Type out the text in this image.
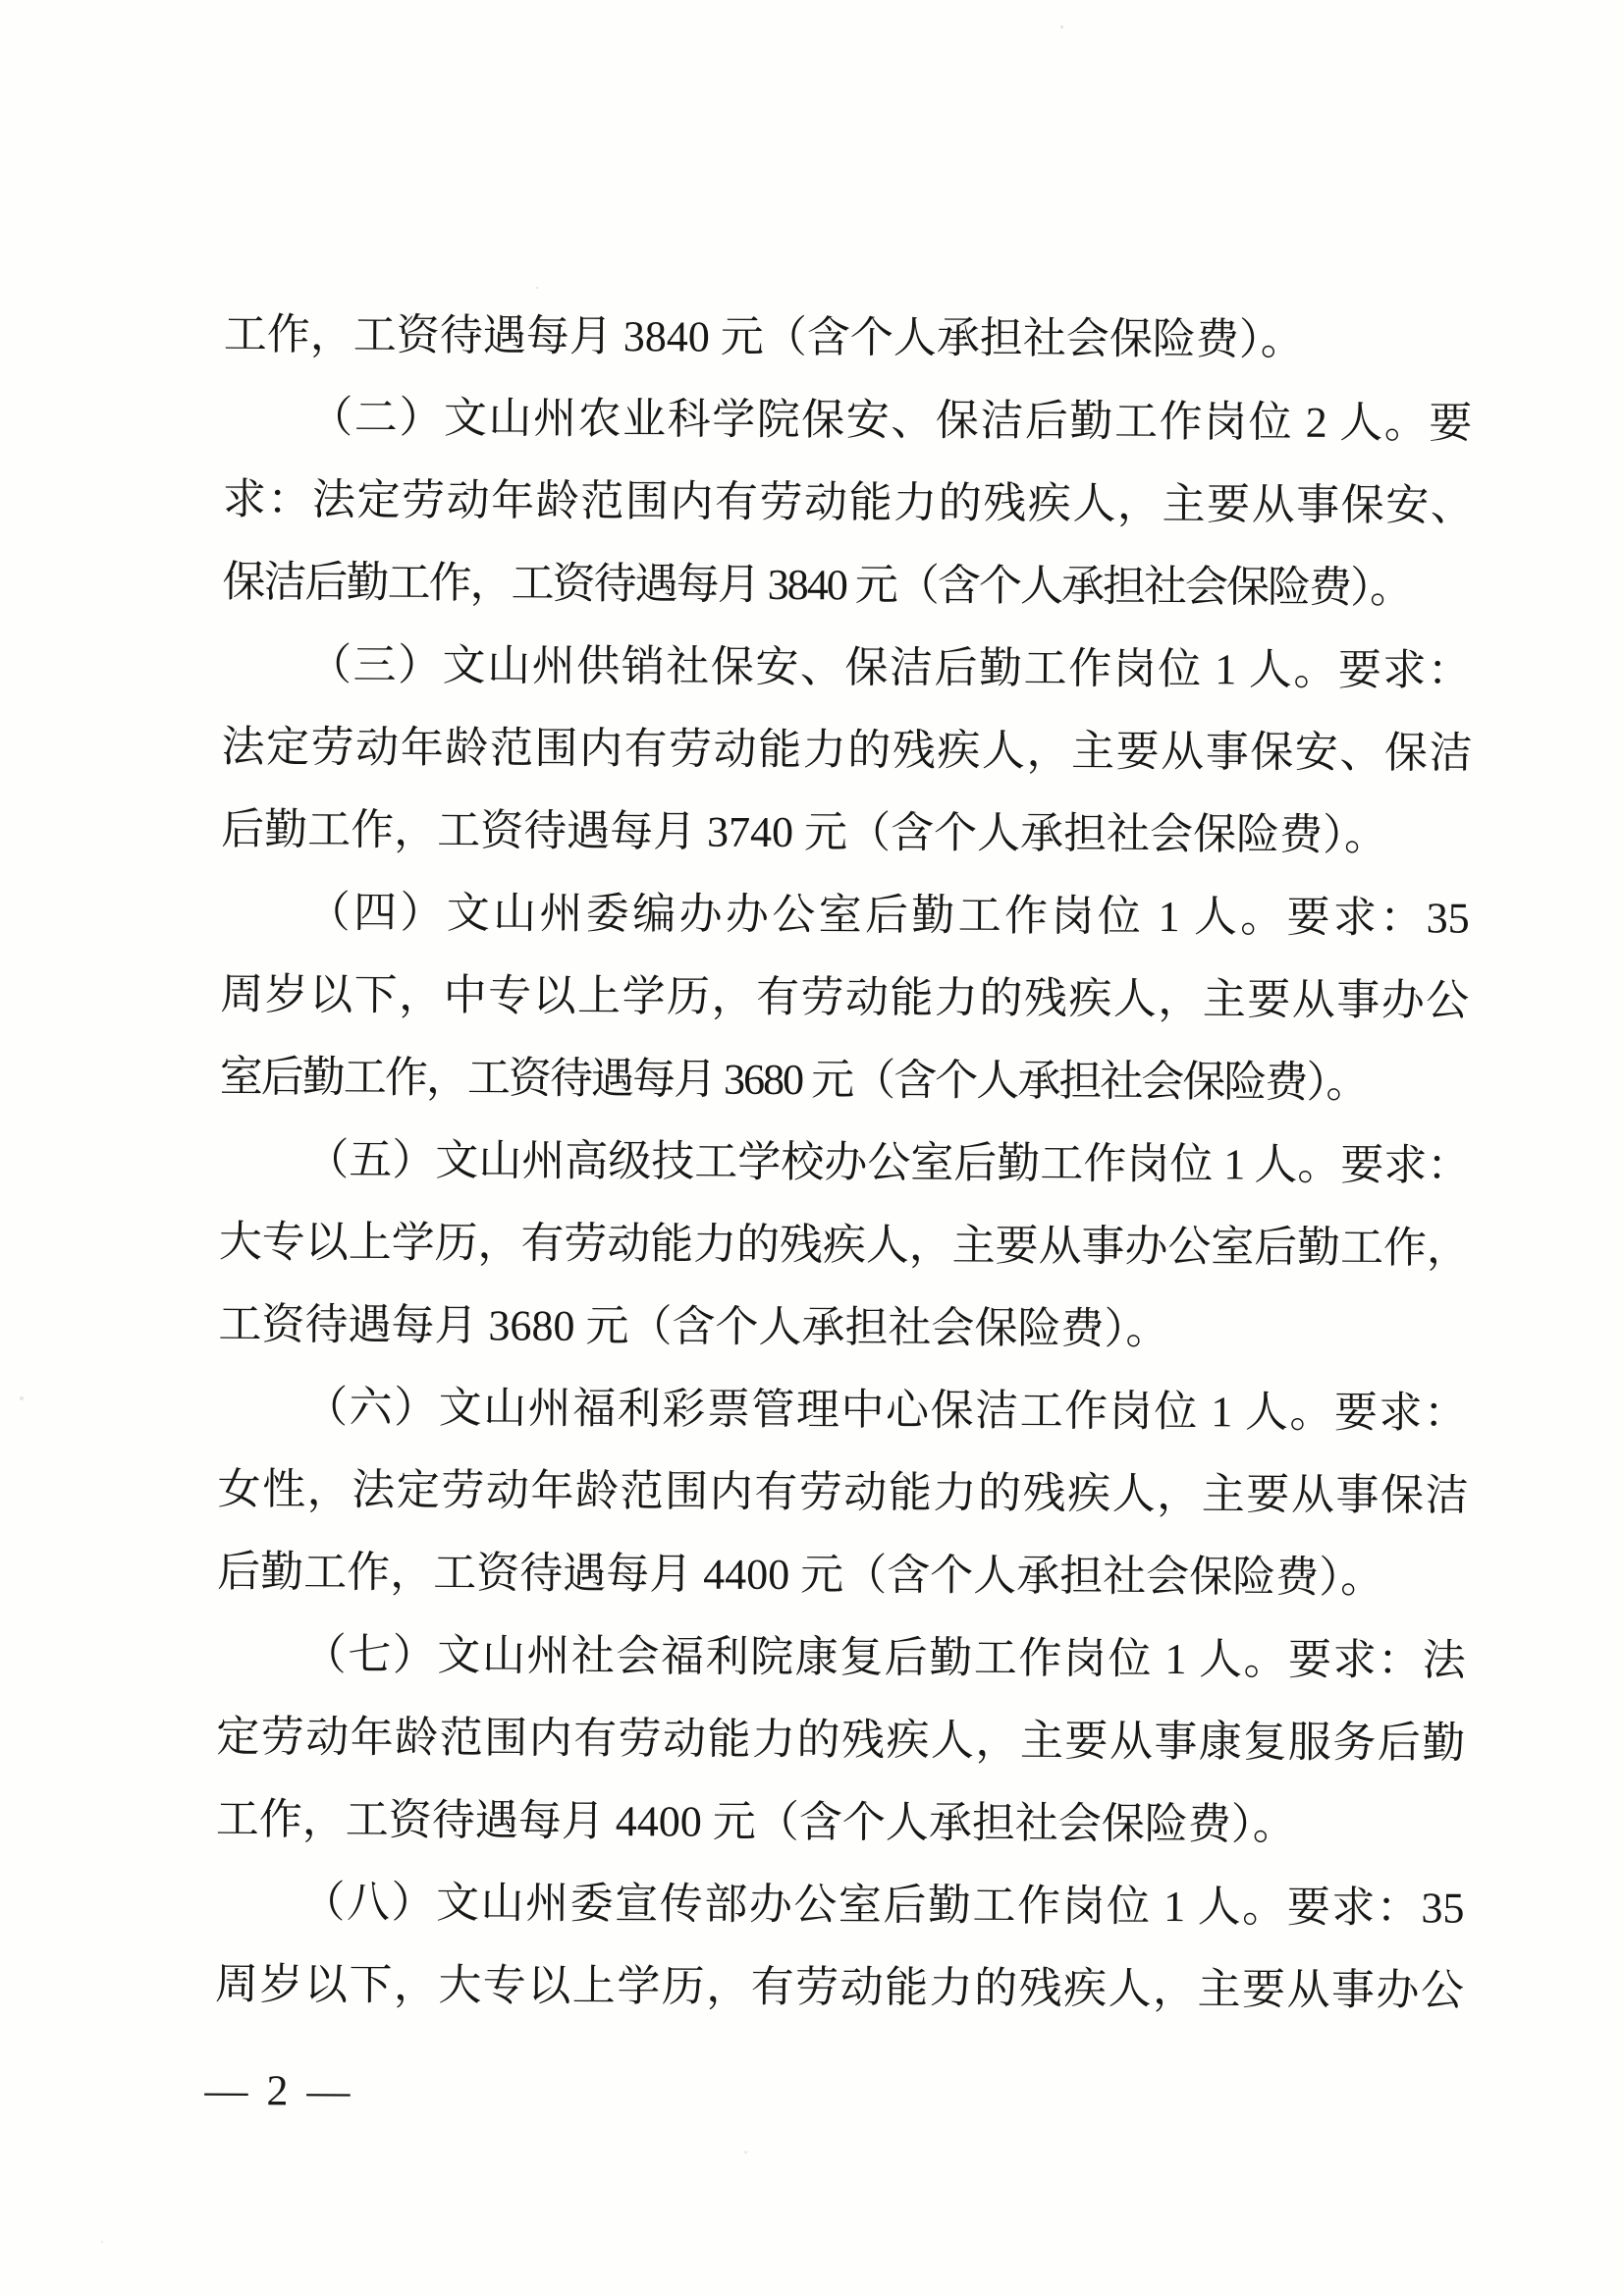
工作，工资待遇每月 3840 元（含个人承担社会保险费）。
（二）文山州农业科学院保安、保洁后勤工作岗位 2 人。要
求：法定劳动年龄范围内有劳动能力的残疾人，主要从事保安、
保洁后勤工作，工资待遇每月 3840 元（含个人承担社会保险费）。
（三）文山州供销社保安、保洁后勤工作岗位 1 人。要求：
法定劳动年龄范围内有劳动能力的残疾人，主要从事保安、保洁
后勤工作，工资待遇每月 3740 元（含个人承担社会保险费）。
（四）文山州委编办办公室后勤工作岗位 1 人。要求：35
周岁以下，中专以上学历，有劳动能力的残疾人，主要从事办公
室后勤工作，工资待遇每月 3680 元（含个人承担社会保险费）。
（五）文山州高级技工学校办公室后勤工作岗位 1 人。要求：
大专以上学历，有劳动能力的残疾人，主要从事办公室后勤工作，
工资待遇每月 3680 元（含个人承担社会保险费）。
（六）文山州福利彩票管理中心保洁工作岗位 1 人。要求：
女性，法定劳动年龄范围内有劳动能力的残疾人，主要从事保洁
后勤工作，工资待遇每月 4400 元（含个人承担社会保险费）。
（七）文山州社会福利院康复后勤工作岗位 1 人。要求：法
定劳动年龄范围内有劳动能力的残疾人，主要从事康复服务后勤
工作，工资待遇每月 4400 元（含个人承担社会保险费）。
（八）文山州委宣传部办公室后勤工作岗位 1 人。要求：35
周岁以下，大专以上学历，有劳动能力的残疾人，主要从事办公
— 2 —
